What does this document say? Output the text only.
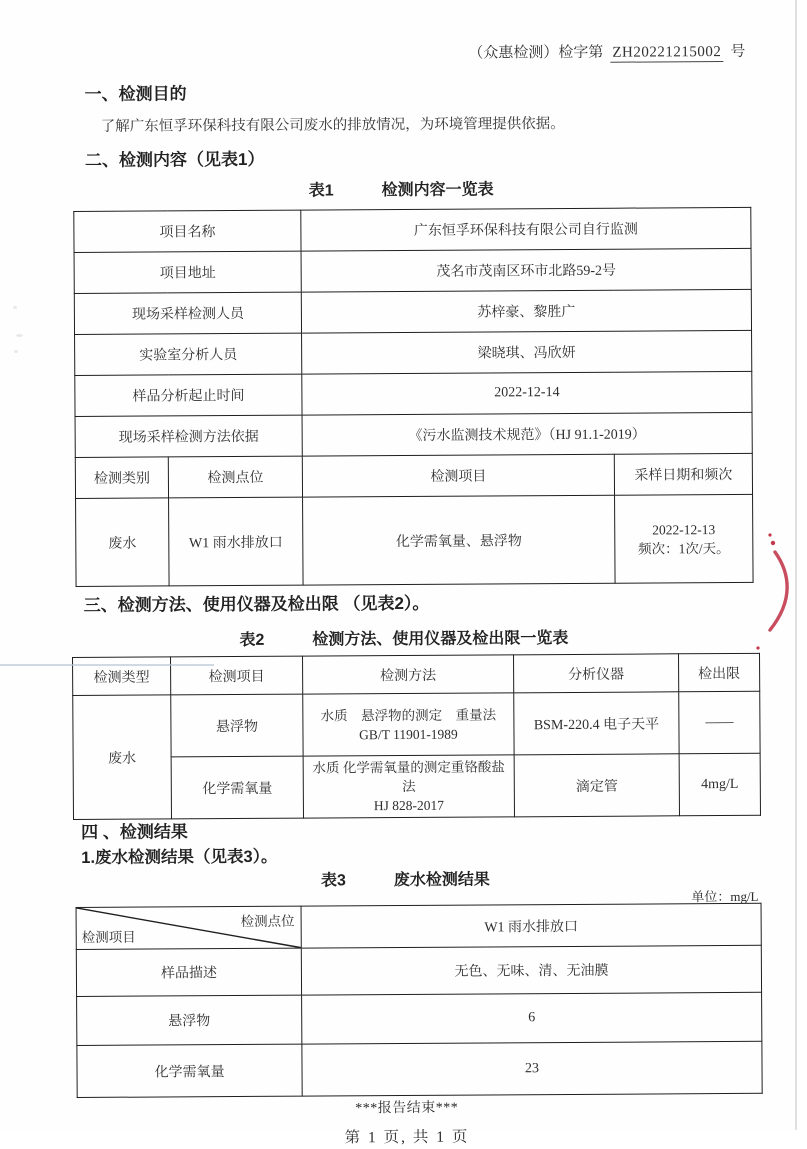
（众惠检测）检字第 ZH20221215002 号
一、检测目的
了解广东恒孚环保科技有限公司废水的排放情况，为环境管理提供依据。
二、检测内容（见表1）
表1	检测内容一览表
项目名称		广东恒孚环保科技有限公司自行监测	
项目地址		茂名市茂南区环市北路59-2号	
现场采样检测人员		苏梓豪、黎胜广	
实验室分析人员		梁晓琪、冯欣妍	
样品分析起止时间		2022-12-14	
现场采样检测方法依据		《污水监测技术规范》（HJ 91.1-2019）	
检测类别	检测点位	检测项目	采样日期和频次
废水	W1 雨水排放口	化学需氧量、悬浮物	2022-12-13
频次：1次/天。
三、检测方法、使用仪器及检出限 （见表2）。
表2	检测方法、使用仪器及检出限一览表
检测类型	检测项目	检测方法	分析仪器	检出限
废水	悬浮物	水质　悬浮物的测定　重量法
GB/T 11901-1989	BSM-220.4 电子天平	——
	化学需氧量	水质 化学需氧量的测定重铬酸盐法
HJ 828-2017	滴定管	4mg/L
四 、检测结果
1.废水检测结果（见表3）。
表3	废水检测结果
单位：mg/L
检测点位
检测项目	W1 雨水排放口
样品描述	无色、无味、清、无油膜
悬浮物	6
化学需氧量	23
***报告结束***
第 1 页, 共 1 页
